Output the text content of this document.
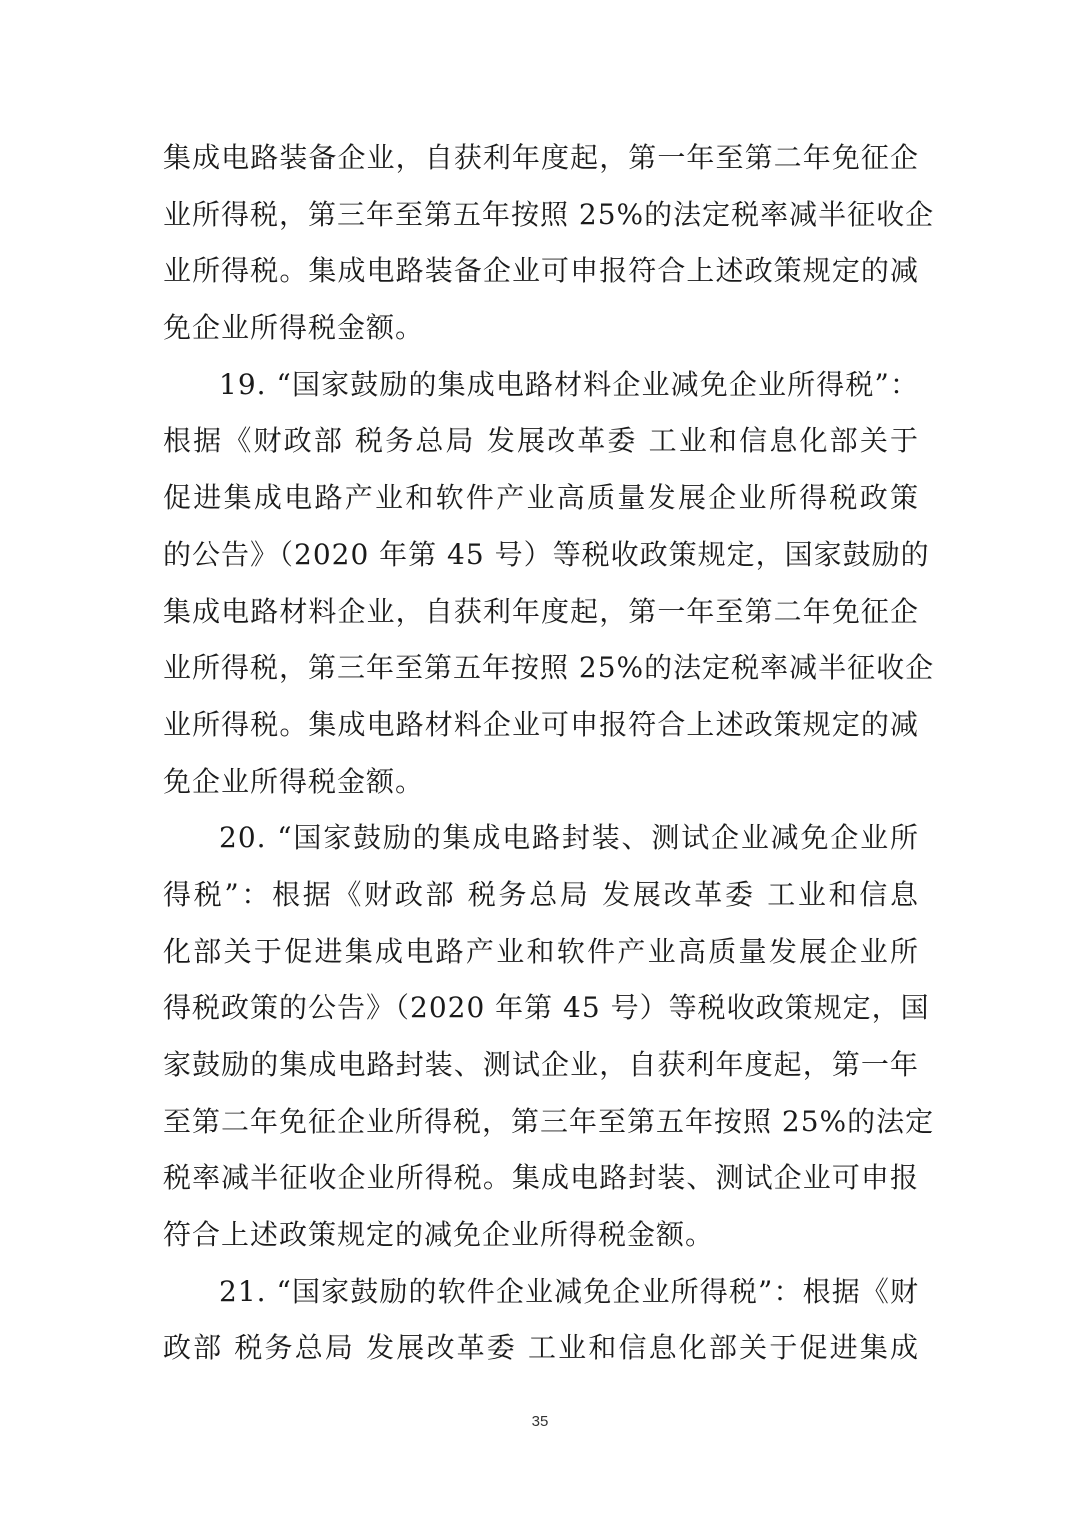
集成电路装备企业，自获利年度起，第一年至第二年免征企
业所得税，第三年至第五年按照 25%的法定税率减半征收企
业所得税。集成电路装备企业可申报符合上述政策规定的减
免企业所得税金额。
19. “国家鼓励的集成电路材料企业减免企业所得税”：
根据《财政部 税务总局 发展改革委 工业和信息化部关于
促进集成电路产业和软件产业高质量发展企业所得税政策
的公告》（2020 年第 45 号）等税收政策规定，国家鼓励的
集成电路材料企业，自获利年度起，第一年至第二年免征企
业所得税，第三年至第五年按照 25%的法定税率减半征收企
业所得税。集成电路材料企业可申报符合上述政策规定的减
免企业所得税金额。
20. “国家鼓励的集成电路封装、测试企业减免企业所
得税”：根据《财政部 税务总局 发展改革委 工业和信息
化部关于促进集成电路产业和软件产业高质量发展企业所
得税政策的公告》（2020 年第 45 号）等税收政策规定，国
家鼓励的集成电路封装、测试企业，自获利年度起，第一年
至第二年免征企业所得税，第三年至第五年按照 25%的法定
税率减半征收企业所得税。集成电路封装、测试企业可申报
符合上述政策规定的减免企业所得税金额。
21. “国家鼓励的软件企业减免企业所得税”：根据《财
政部 税务总局 发展改革委 工业和信息化部关于促进集成
35
